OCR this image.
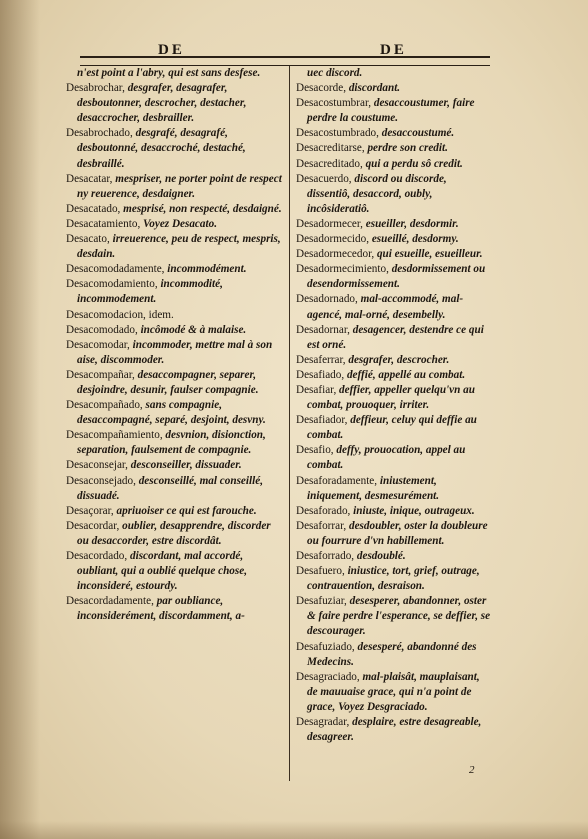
DE	DE

n'est point a l'abry, qui est sans desfese.

Desabrochar, desgrafer, desagrafer, desboutonner, descrocher, destacher, desaccrocher, desbrailler.

Desabrochado, desgrafé, desagrafé, desboutonné, desaccroché, destaché, desbraillé.

Desacatar, mespriser, ne porter point de respect ny reuerence, desdaigner.

Desacatado, mesprisé, non respecté, desdaigné.

Desacatamiento, Voyez Desacato.

Desacato, irreuerence, peu de respect, mespris, desdain.

Desacomodadamente, incommodément.

Desacomodamiento, incommodité, incommodement.

Desacomodacion, idem.

Desacomodado, incômodé & à malaise.

Desacomodar, incommoder, mettre mal à son aise, discommoder.

Desacompañar, desaccompagner, separer, desjoindre, desunir, faulser compagnie.

Desacompañado, sans compagnie, desaccompagné, separé, desjoint, desvny.

Desacompañamiento, desvnion, disionction, separation, faulsement de compagnie.

Desaconsejar, desconseiller, dissuader.

Desaconsejado, desconseillé, mal conseillé, dissuadé.

Desaçorar, apriuoiser ce qui est farouche.

Desacordar, oublier, desapprendre, discorder ou desaccorder, estre discordât.

Desacordado, discordant, mal accordé, oubliant, qui a oublié quelque chose, inconsideré, estourdy.

Desacordadamente, par oubliance, inconsiderément, discordamment, a-

uec discord.

Desacorde, discordant.

Desacostumbrar, desaccoustumer, faire perdre la coustume.

Desacostumbrado, desaccoustumé.

Desacreditarse, perdre son credit.

Desacreditado, qui a perdu sô credit.

Desacuerdo, discord ou discorde, dissentiô, desaccord, oubly, incôsideratiô.

Desadormecer, esueiller, desdormir.

Desadormecido, esueillé, desdormy.

Desadormecedor, qui esueille, esueilleur.

Desadormecimiento, desdormissement ou desendormissement.

Desadornado, mal-accommodé, mal-agencé, mal-orné, desembelly.

Desadornar, desagencer, destendre ce qui est orné.

Desaferrar, desgrafer, descrocher.

Desafiado, deffié, appellé au combat.

Desafiar, deffier, appeller quelqu'vn au combat, prouoquer, irriter.

Desafiador, deffieur, celuy qui deffie au combat.

Desafio, deffy, prouocation, appel au combat.

Desaforadamente, iniustement, iniquement, desmesurément.

Desaforado, iniuste, inique, outrageux.

Desaforrar, desdoubler, oster la doubleure ou fourrure d'vn habillement.

Desaforrado, desdoublé.

Desafuero, iniustice, tort, grief, outrage, contrauention, desraison.

Desafuziar, desesperer, abandonner, oster & faire perdre l'esperance, se deffier, se descourager.

Desafuziado, desesperé, abandonné des Medecins.

Desagraciado, mal-plaisât, mauplaisant, de mauuaise grace, qui n'a point de grace, Voyez Desgraciado.

Desagradar, desplaire, estre desagreable, desagreer.

2
